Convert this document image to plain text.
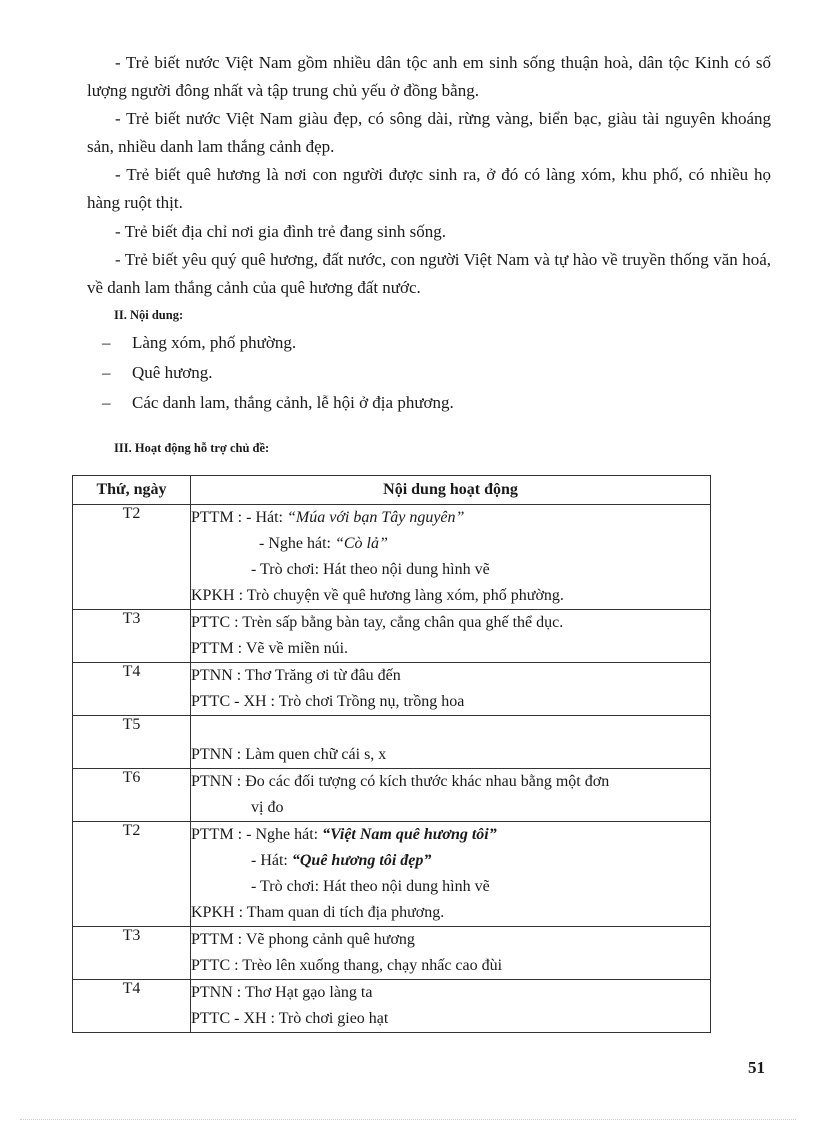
- Trẻ biết nước Việt Nam gồm nhiều dân tộc anh em sinh sống thuận hoà, dân tộc Kinh có số lượng người đông nhất và tập trung chủ yếu ở đồng bằng.
- Trẻ biết nước Việt Nam giàu đẹp, có sông dài, rừng vàng, biển bạc, giàu tài nguyên khoáng sản, nhiều danh lam thắng cảnh đẹp.
- Trẻ biết quê hương là nơi con người được sinh ra, ở đó có làng xóm, khu phố, có nhiều họ hàng ruột thịt.
- Trẻ biết địa chỉ nơi gia đình trẻ đang sinh sống.
- Trẻ biết yêu quý quê hương, đất nước, con người Việt Nam và tự hào về truyền thống văn hoá, về danh lam thắng cảnh của quê hương đất nước.

II. Nội dung:

– Làng xóm, phố phường.
– Quê hương.
– Các danh lam, thắng cảnh, lễ hội ở địa phương.

III. Hoạt động hỗ trợ chủ đề:

Thứ, ngày	Nội dung hoạt động
T2	PTTM : - Hát: “Múa với bạn Tây nguyên”
- Nghe hát: “Cò lả”
- Trò chơi: Hát theo nội dung hình vẽ
KPKH : Trò chuyện về quê hương làng xóm, phố phường.

T3	PTTC : Trèn sấp bằng bàn tay, cẳng chân qua ghế thể dục.
PTTM : Vẽ về miền núi.

T4	PTNN : Thơ Trăng ơi từ đâu đến
PTTC - XH : Trò chơi Trồng nụ, trồng hoa

T5	PTNN : Làm quen chữ cái s, x

T6	PTNN : Đo các đối tượng có kích thước khác nhau bằng một đơn
vị đo

T2	PTTM : - Nghe hát: “Việt Nam quê hương tôi”
- Hát: “Quê hương tôi đẹp”
- Trò chơi: Hát theo nội dung hình vẽ
KPKH : Tham quan di tích địa phương.

T3	PTTM : Vẽ phong cảnh quê hương
PTTC : Trèo lên xuống thang, chạy nhấc cao đùi

T4	PTNN : Thơ Hạt gạo làng ta
PTTC - XH : Trò chơi gieo hạt
51
